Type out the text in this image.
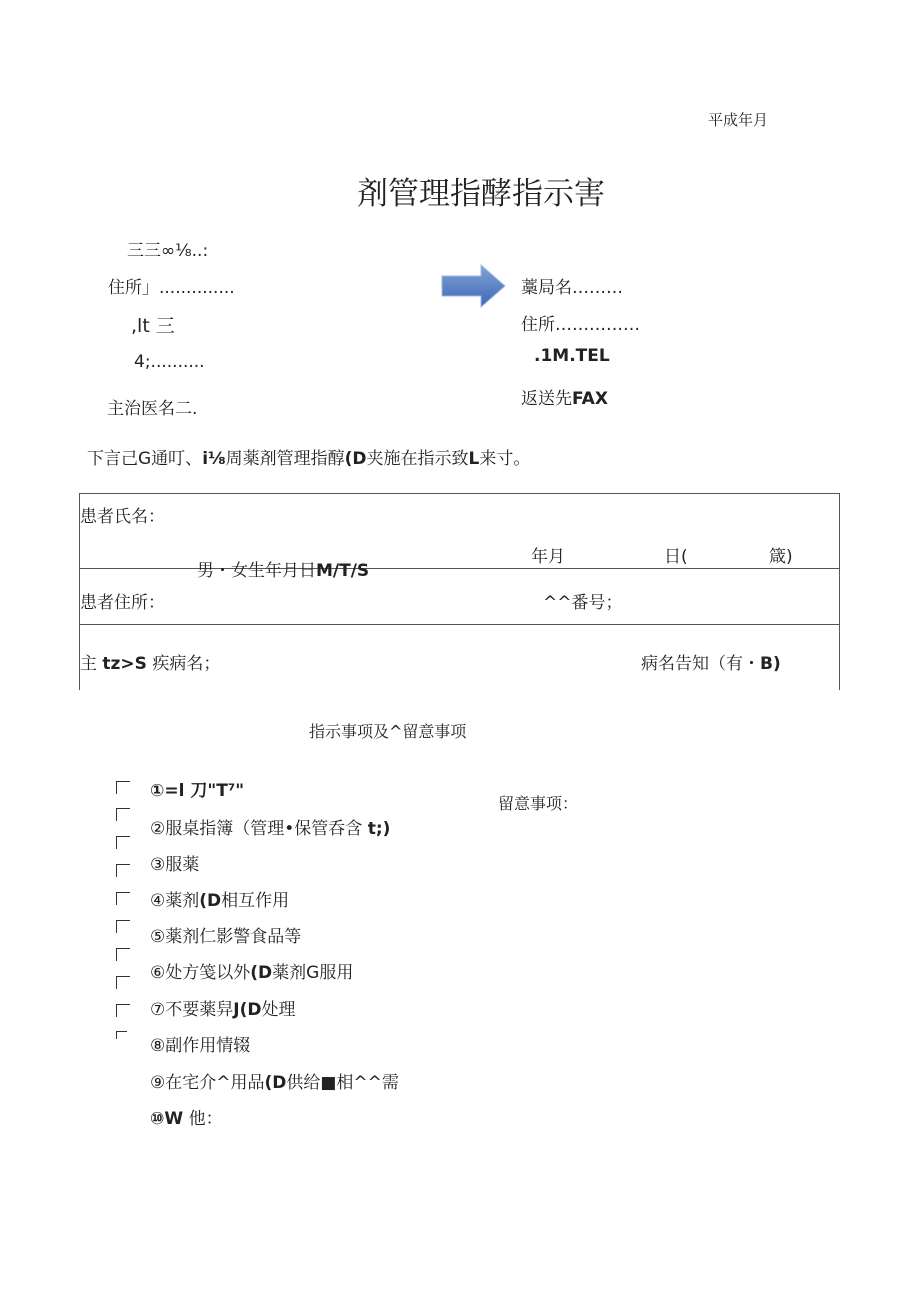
平成年月
剤管理指酵指示害
三三∞⅛..:
住所」..............
,lt 三
4;..........
主治医名二.
藁局名………
住所……………
.1M.TEL
返送先FAX
下言己G通叮、i⅛周薬剤管理指醇(D夹施在指示致L来寸。
患者氏名：
男・女生年月日M/T/S
年月	日(	箴)
患者住所：	^^番号；
主 tz>S 疾病名；	病名告知（有・B)
指示事项及^留意事项
留意事项：
①=l 刀"T⁷"
②服桌指簿（管理•保管呑含 t;)
③服薬
④薬剂(D相互作用
⑤薬剂仁影警食品等
⑥处方笺以外(D薬剂G服用
⑦不要薬舁J(D处理
⑧副作用情辍
⑨在宅介^用品(D供给■相^^需
⑩W 他：
